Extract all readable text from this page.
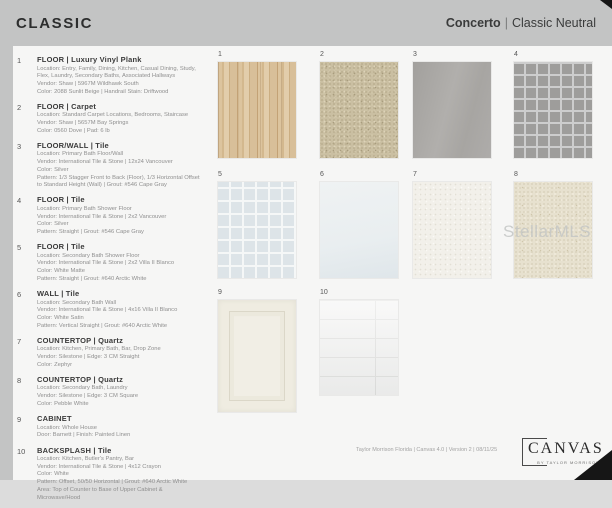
CLASSIC	Concerto | Classic Neutral
1	FLOOR | Luxury Vinyl Plank
Location: Entry, Family, Dining, Kitchen, Casual Dining, Study, Flex, Laundry, Secondary Baths, Associated Hallways
Vendor: Shaw | 5967M Wildhawk South
Color: 2088 Sunlit Beige | Handrail Stain: Driftwood
2	FLOOR | Carpet
Location: Standard Carpet Locations, Bedrooms, Staircase
Vendor: Shaw | 5657M Bay Springs
Color: 0560 Dove | Pad: 6 lb
3	FLOOR/WALL | Tile
Location: Primary Bath Floor/Wall
Vendor: International Tile & Stone | 12x24 Vancouver
Color: Silver
Pattern: 1/3 Stagger Front to Back (Floor), 1/3 Horizontal Offset to Standard Height (Wall) | Grout: #546 Cape Gray
4	FLOOR | Tile
Location: Primary Bath Shower Floor
Vendor: International Tile & Stone | 2x2 Vancouver
Color: Silver
Pattern: Straight | Grout: #546 Cape Gray
5	FLOOR | Tile
Location: Secondary Bath Shower Floor
Vendor: International Tile & Stone | 2x2 Villa II Blanco
Color: White Matte
Pattern: Straight | Grout: #640 Arctic White
6	WALL | Tile
Location: Secondary Bath Wall
Vendor: International Tile & Stone | 4x16 Villa II Blanco
Color: White Satin
Pattern: Vertical Straight | Grout: #640 Arctic White
7	COUNTERTOP | Quartz
Location: Kitchen, Primary Bath, Bar, Drop Zone
Vendor: Silestone | Edge: 3 CM Straight
Color: Zephyr
8	COUNTERTOP | Quartz
Location: Secondary Bath, Laundry
Vendor: Silestone | Edge: 3 CM Square
Color: Pebble White
9	CABINET
Location: Whole House
Door: Barnett | Finish: Painted Linen
10	BACKSPLASH | Tile
Location: Kitchen, Butler's Pantry, Bar
Vendor: International Tile & Stone | 4x12 Crayon
Color: White
Pattern: Offset, 50/50 Horizontal | Grout: #640 Arctic White
Area: Top of Counter to Base of Upper Cabinet & Microwave/Hood
1	2	3	4
5	6	7	8
9	10
StellarMLS
Taylor Morrison Florida | Canvas 4.0 | Version 2 | 08/11/25	CANVAS
BY TAYLOR MORRISON
